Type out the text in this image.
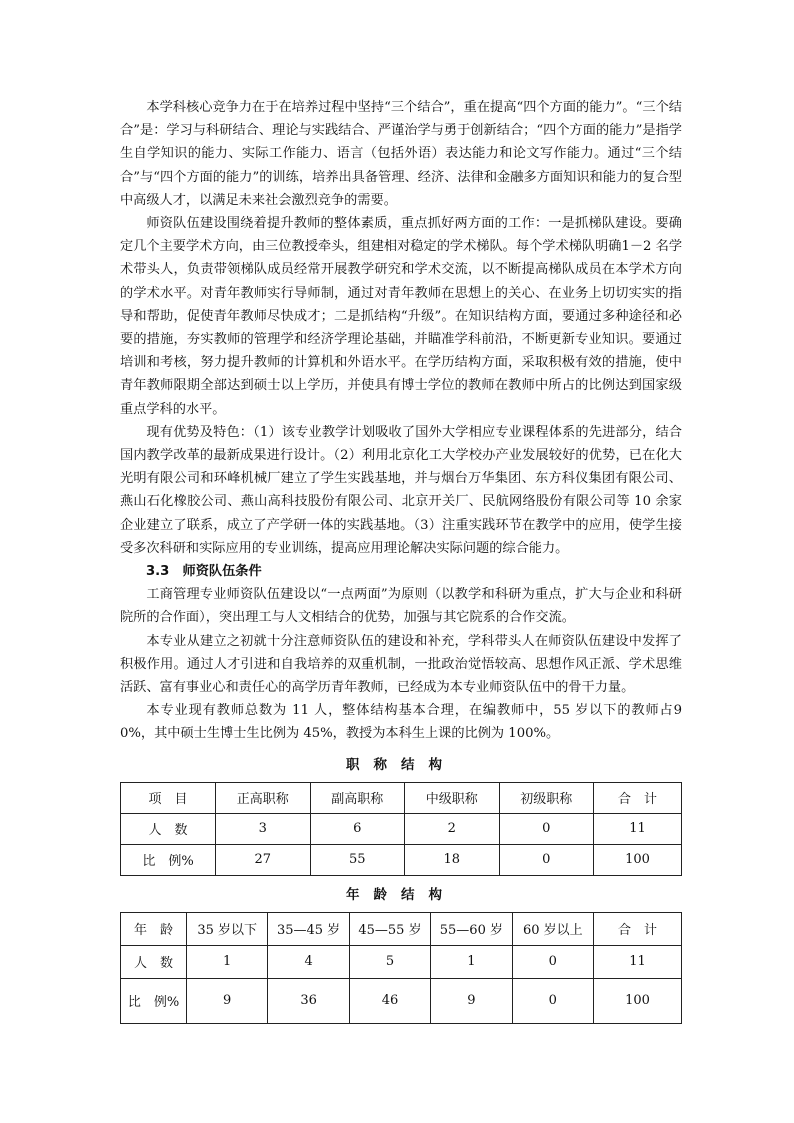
本学科核心竞争力在于在培养过程中坚持“三个结合”，重在提高“四个方面的能力”。“三个结合”是：学习与科研结合、理论与实践结合、严谨治学与勇于创新结合；“四个方面的能力”是指学生自学知识的能力、实际工作能力、语言（包括外语）表达能力和论文写作能力。通过“三个结合”与“四个方面的能力”的训练，培养出具备管理、经济、法律和金融多方面知识和能力的复合型中高级人才，以满足未来社会激烈竞争的需要。

师资队伍建设围绕着提升教师的整体素质，重点抓好两方面的工作：一是抓梯队建设。要确定几个主要学术方向，由三位教授牵头，组建相对稳定的学术梯队。每个学术梯队明确1－2 名学术带头人，负责带领梯队成员经常开展教学研究和学术交流，以不断提高梯队成员在本学术方向的学术水平。对青年教师实行导师制，通过对青年教师在思想上的关心、在业务上切切实实的指导和帮助，促使青年教师尽快成才；二是抓结构“升级”。在知识结构方面，要通过多种途径和必要的措施，夯实教师的管理学和经济学理论基础，并瞄准学科前沿，不断更新专业知识。要通过培训和考核，努力提升教师的计算机和外语水平。在学历结构方面，采取积极有效的措施，使中青年教师限期全部达到硕士以上学历，并使具有博士学位的教师在教师中所占的比例达到国家级重点学科的水平。

现有优势及特色：（1）该专业教学计划吸收了国外大学相应专业课程体系的先进部分，结合国内教学改革的最新成果进行设计。（2）利用北京化工大学校办产业发展较好的优势，已在化大光明有限公司和环峰机械厂建立了学生实践基地，并与烟台万华集团、东方科仪集团有限公司、燕山石化橡胶公司、燕山高科技股份有限公司、北京开关厂、民航网络股份有限公司等 10 余家企业建立了联系，成立了产学研一体的实践基地。（3）注重实践环节在教学中的应用，使学生接受多次科研和实际应用的专业训练，提高应用理论解决实际问题的综合能力。

3.3　师资队伍条件

工商管理专业师资队伍建设以“一点两面”为原则（以教学和科研为重点，扩大与企业和科研院所的合作面），突出理工与人文相结合的优势，加强与其它院系的合作交流。

本专业从建立之初就十分注意师资队伍的建设和补充，学科带头人在师资队伍建设中发挥了积极作用。通过人才引进和自我培养的双重机制，一批政治觉悟较高、思想作风正派、学术思维活跃、富有事业心和责任心的高学历青年教师，已经成为本专业师资队伍中的骨干力量。

本专业现有教师总数为 11 人，整体结构基本合理，在编教师中，55 岁以下的教师占90%，其中硕士生博士生比例为 45%，教授为本科生上课的比例为 100%。

职称结构
项　目	正高职称	副高职称	中级职称	初级职称	合　计
人　数	3	6	2	0	11
比　例%	27	55	18	0	100
年龄结构
年　龄	35 岁以下	35—45 岁	45—55 岁	55—60 岁	60 岁以上	合　计
人　数	1	4	5	1	0	11
比　例%	9	36	46	9	0	100
